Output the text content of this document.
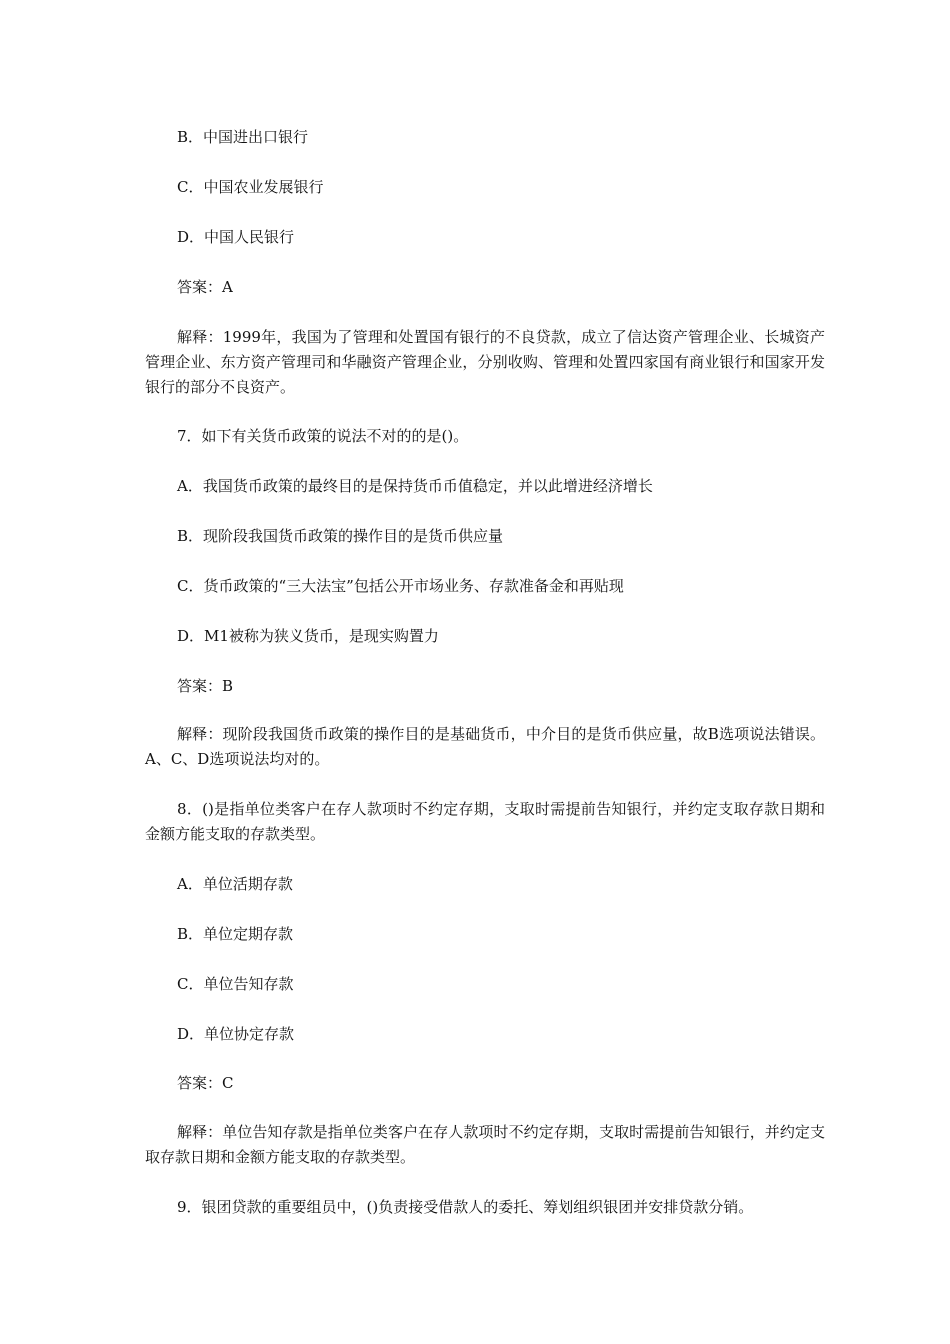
B．中国进出口银行

C．中国农业发展银行

D．中国人民银行

答案：A

解释：1999年，我国为了管理和处置国有银行的不良贷款，成立了信达资产管理企业、长城资产管理企业、东方资产管理司和华融资产管理企业，分别收购、管理和处置四家国有商业银行和国家开发银行的部分不良资产。

7．如下有关货币政策的说法不对的的是()。

A．我国货币政策的最终目的是保持货币币值稳定，并以此增进经济增长

B．现阶段我国货币政策的操作目的是货币供应量

C．货币政策的“三大法宝”包括公开市场业务、存款准备金和再贴现

D．M1被称为狭义货币，是现实购置力

答案：B

解释：现阶段我国货币政策的操作目的是基础货币，中介目的是货币供应量，故B选项说法错误。A、C、D选项说法均对的。

8．()是指单位类客户在存人款项时不约定存期，支取时需提前告知银行，并约定支取存款日期和金额方能支取的存款类型。

A．单位活期存款

B．单位定期存款

C．单位告知存款

D．单位协定存款

答案：C

解释：单位告知存款是指单位类客户在存人款项时不约定存期，支取时需提前告知银行，并约定支取存款日期和金额方能支取的存款类型。

9．银团贷款的重要组员中，()负责接受借款人的委托、筹划组织银团并安排贷款分销。
